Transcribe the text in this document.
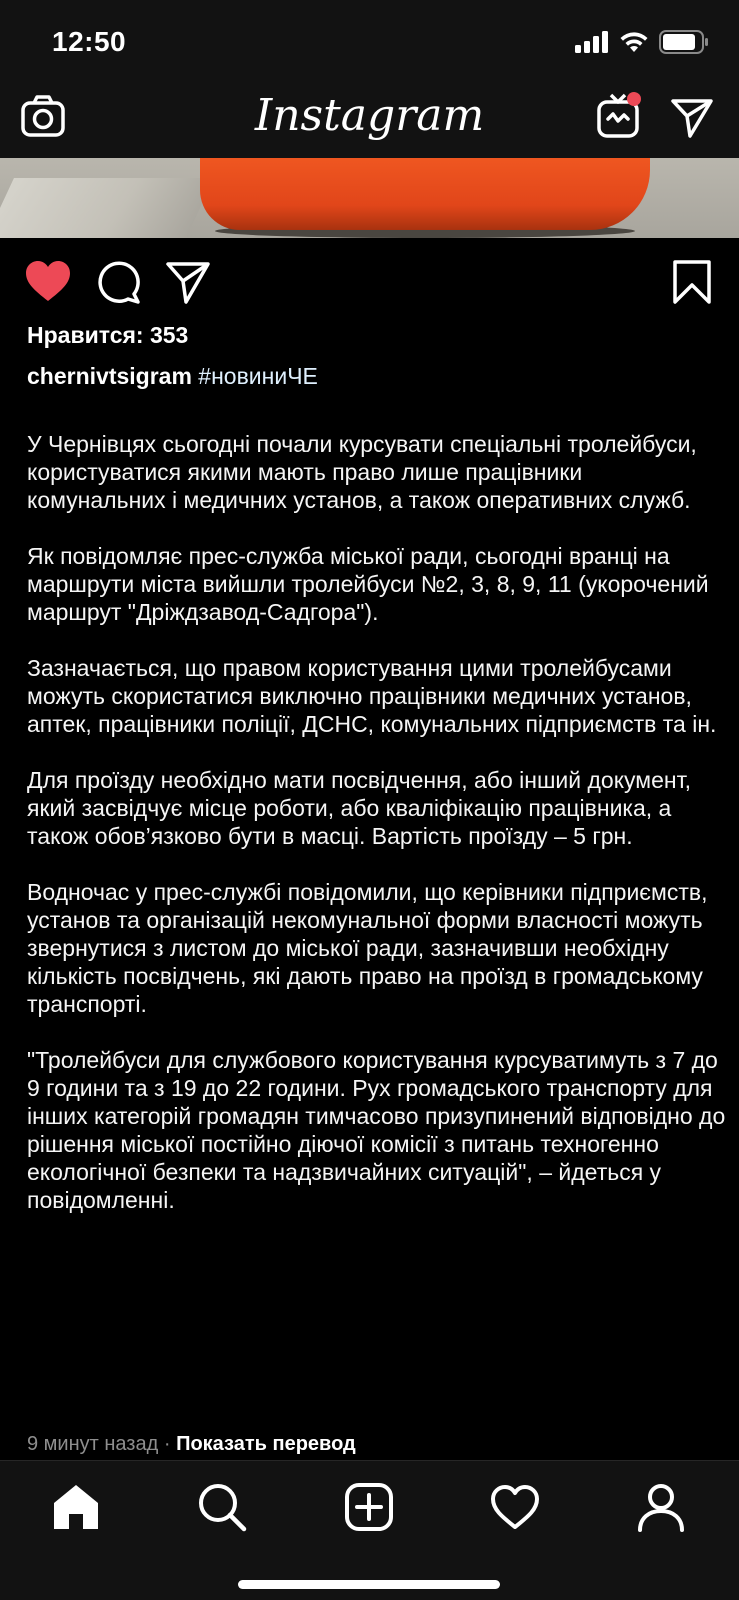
12:50
Instagram
Нравится: 353
chernivtsigram #новиниЧЕ

У Чернівцях сьогодні почали курсувати спеціальні тролейбуси, користуватися якими мають право лише працівники комунальних і медичних установ, а також оперативних служб.

Як повідомляє прес-служба міської ради, сьогодні вранці на маршрути міста вийшли тролейбуси №2, 3, 8, 9, 11 (укорочений маршрут "Дріждзавод-Садгора").

Зазначається, що правом користування цими тролейбусами можуть скористатися виключно працівники медичних установ, аптек, працівники поліції, ДСНС, комунальних підприємств та ін.

Для проїзду необхідно мати посвідчення, або інший документ, який засвідчує місце роботи, або кваліфікацію працівника, а також обов’язково бути в масці. Вартість проїзду – 5 грн.

Водночас у прес-службі повідомили, що керівники підприємств, установ та організацій некомунальної форми власності можуть звернутися з листом до міської ради, зазначивши необхідну кількість посвідчень, які дають право на проїзд в громадському транспорті.

"Тролейбуси для службового користування курсуватимуть з 7 до 9 години та з 19 до 22 години. Рух громадського транспорту для інших категорій громадян тимчасово призупинений відповідно до рішення міської постійно діючої комісії з питань техногенно екологічної безпеки та надзвичайних ситуацій", – йдеться у повідомленні.

9 минут назад · Показать перевод
